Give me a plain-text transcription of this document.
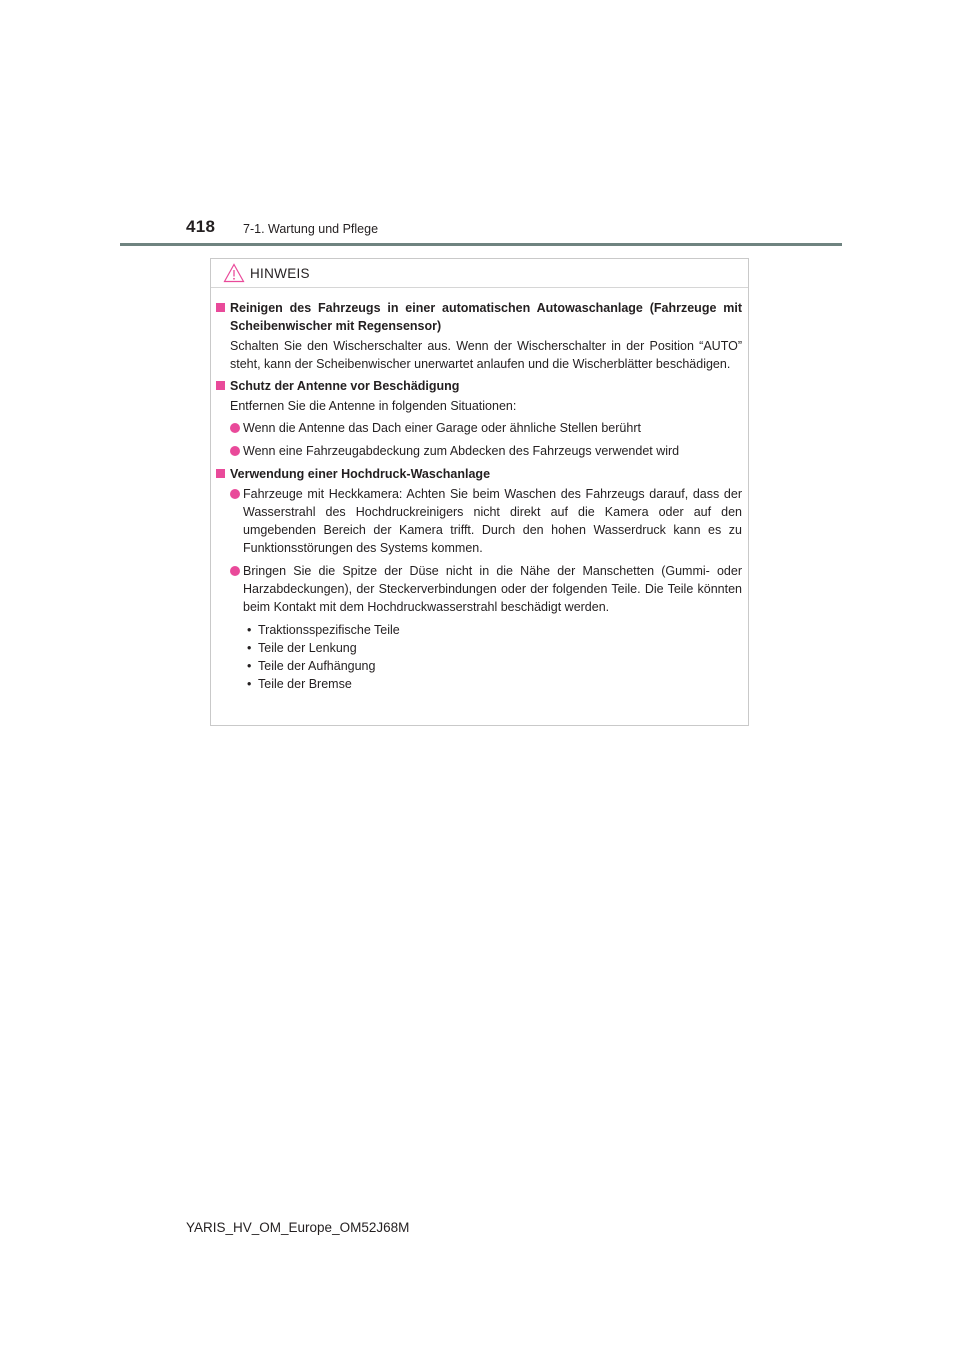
418 7-1. Wartung und Pflege
HINWEIS
Reinigen des Fahrzeugs in einer automatischen Autowaschanlage (Fahrzeuge mit Scheibenwischer mit Regensensor)
Schalten Sie den Wischerschalter aus. Wenn der Wischerschalter in der Position “AUTO” steht, kann der Scheibenwischer unerwartet anlaufen und die Wischerblätter beschädigen.
Schutz der Antenne vor Beschädigung
Entfernen Sie die Antenne in folgenden Situationen:
Wenn die Antenne das Dach einer Garage oder ähnliche Stellen berührt
Wenn eine Fahrzeugabdeckung zum Abdecken des Fahrzeugs verwendet wird
Verwendung einer Hochdruck-Waschanlage
Fahrzeuge mit Heckkamera: Achten Sie beim Waschen des Fahrzeugs darauf, dass der Wasserstrahl des Hochdruckreinigers nicht direkt auf die Kamera oder auf den umgebenden Bereich der Kamera trifft. Durch den hohen Wasserdruck kann es zu Funktionsstörungen des Systems kommen.
Bringen Sie die Spitze der Düse nicht in die Nähe der Manschetten (Gummi- oder Harzabdeckungen), der Steckerverbindungen oder der folgenden Teile. Die Teile könnten beim Kontakt mit dem Hochdruckwasserstrahl beschädigt werden.
• Traktionsspezifische Teile
• Teile der Lenkung
• Teile der Aufhängung
• Teile der Bremse
YARIS_HV_OM_Europe_OM52J68M
